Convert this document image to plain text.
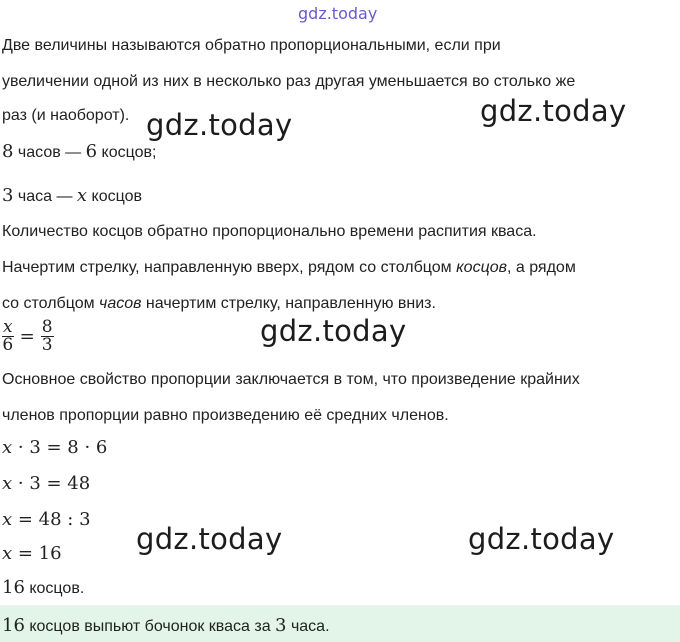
gdz.today
Две величины называются обратно пропорциональными, если при
увеличении одной из них в несколько раз другая уменьшается во столько же
раз (и наоборот).
8 часов — 6 косцов;
3 часа — x косцов
Количество косцов обратно пропорционально времени распития кваса.
Начертим стрелку, направленную вверх, рядом со столбцом косцов, а рядом
со столбцом часов начертим стрелку, направленную вниз.
$\frac{x}{6} = \frac{8}{3}$
Основное свойство пропорции заключается в том, что произведение крайних
членов пропорции равно произведению её средних членов.
x · 3 = 8 · 6
x · 3 = 48
x = 48 : 3
x = 16
16 косцов.
16 косцов выпьют бочонок кваса за 3 часа.
gdz.today	gdz.today
gdz.today
gdz.today	gdz.today
